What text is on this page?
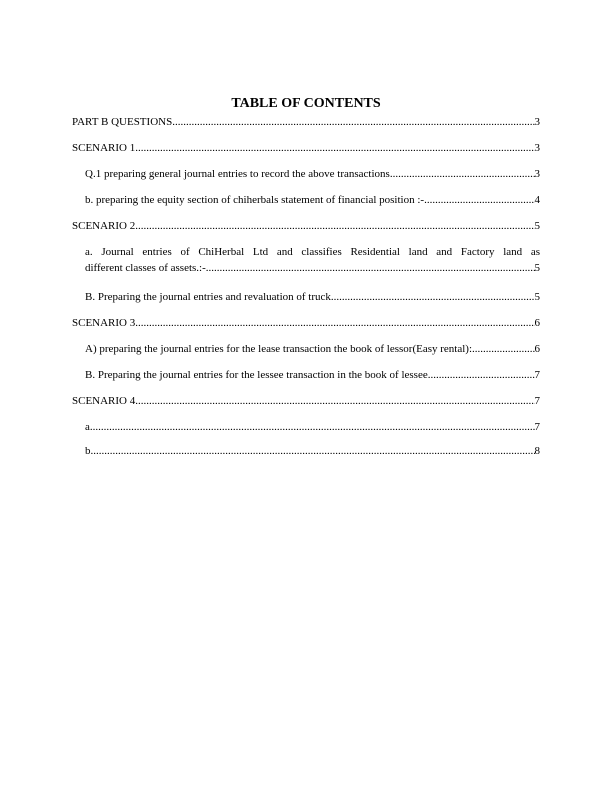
TABLE OF CONTENTS
PART B QUESTIONS .....	3
SCENARIO 1 .....	3
Q.1 preparing general journal entries to record the above transactions. .....	3
b. preparing the equity section of chiherbals statement of financial position :- .....	4
SCENARIO 2 .....	5
a. Journal entries of ChiHerbal Ltd and classifies Residential land and Factory land as
different classes of assets.:- .....	5
B. Preparing the journal entries and revaluation of truck .....	5
SCENARIO 3 .....	6
A) preparing the journal entries for the lease transaction the book of lessor(Easy rental): .....	6
B. Preparing the journal entries for the lessee transaction in the book of lessee. .....	7
SCENARIO 4 .....	7
a. .....	7
b. .....	8
